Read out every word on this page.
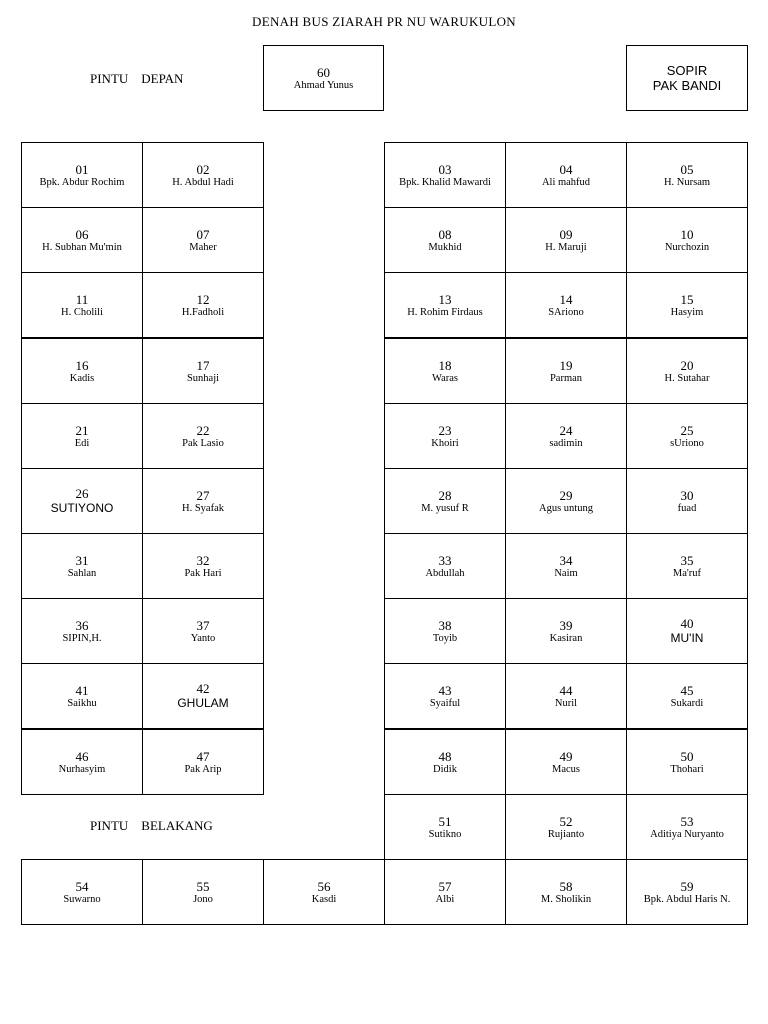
DENAH BUS ZIARAH PR NU WARUKULON
PINTU    DEPAN	60
Ahmad Yunus
SOPIR
PAK BANDI
PINTU    BELAKANG
01
Bpk. Abdur Rochim
02
H. Abdul Hadi
03
Bpk. Khalid Mawardi
04
Ali mahfud
05
H. Nursam
06
H. Subhan Mu'min
07
Maher
08
Mukhid
09
H. Maruji
10
Nurchozin
11
H. Cholili
12
H.Fadholi
13
H. Rohim Firdaus
14
SAriono
15
Hasyim
16
Kadis
17
Sunhaji
18
Waras
19
Parman
20
H. Sutahar
21
Edi
22
Pak Lasio
23
Khoiri
24
sadimin
25
sUriono
26
SUTIYONO
27
H. Syafak
28
M. yusuf R
29
Agus untung
30
fuad
31
Sahlan
32
Pak Hari
33
Abdullah
34
Naim
35
Ma'ruf
36
SIPIN,H.
37
Yanto
38
Toyib
39
Kasiran
40
MU'IN
41
Saikhu
42
GHULAM
43
Syaiful
44
Nuril
45
Sukardi
46
Nurhasyim
47
Pak Arip
48
Didik
49
Macus
50
Thohari
51
Sutikno
52
Rujianto
53
Aditiya Nuryanto
54
Suwarno
55
Jono
56
Kasdi
57
Albi
58
M. Sholikin
59
Bpk. Abdul Haris N.
